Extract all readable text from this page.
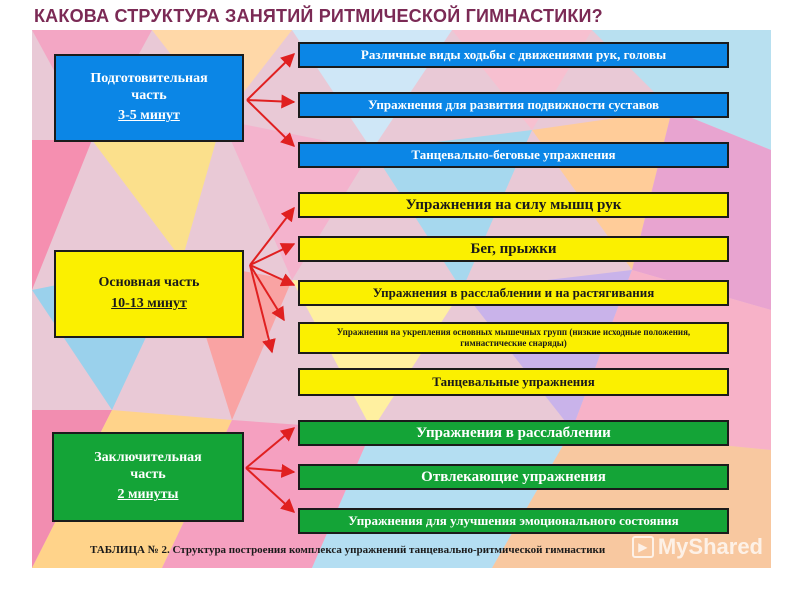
КАКОВА СТРУКТУРА ЗАНЯТИЙ РИТМИЧЕСКОЙ ГИМНАСТИКИ?
Подготовительная
часть
3-5 минут
Различные виды ходьбы с движениями рук, головы
Упражнения для развития подвижности суставов
Танцевально-беговые упражнения
Основная часть
10-13 минут
Упражнения на силу мышц рук
Бег, прыжки
Упражнения в расслаблении и на растягивания
Упражнения на укрепления основных мышечных групп (низкие исходные положения, гимнастические снаряды)
Танцевальные упражнения
Заключительная
часть
2 минуты
Упражнения в расслаблении
Отвлекающие упражнения
Упражнения для улучшения эмоционального состояния
ТАБЛИЦА № 2. Структура построения комплекса упражнений танцевально-ритмической гимнастики	▶ MyShared
